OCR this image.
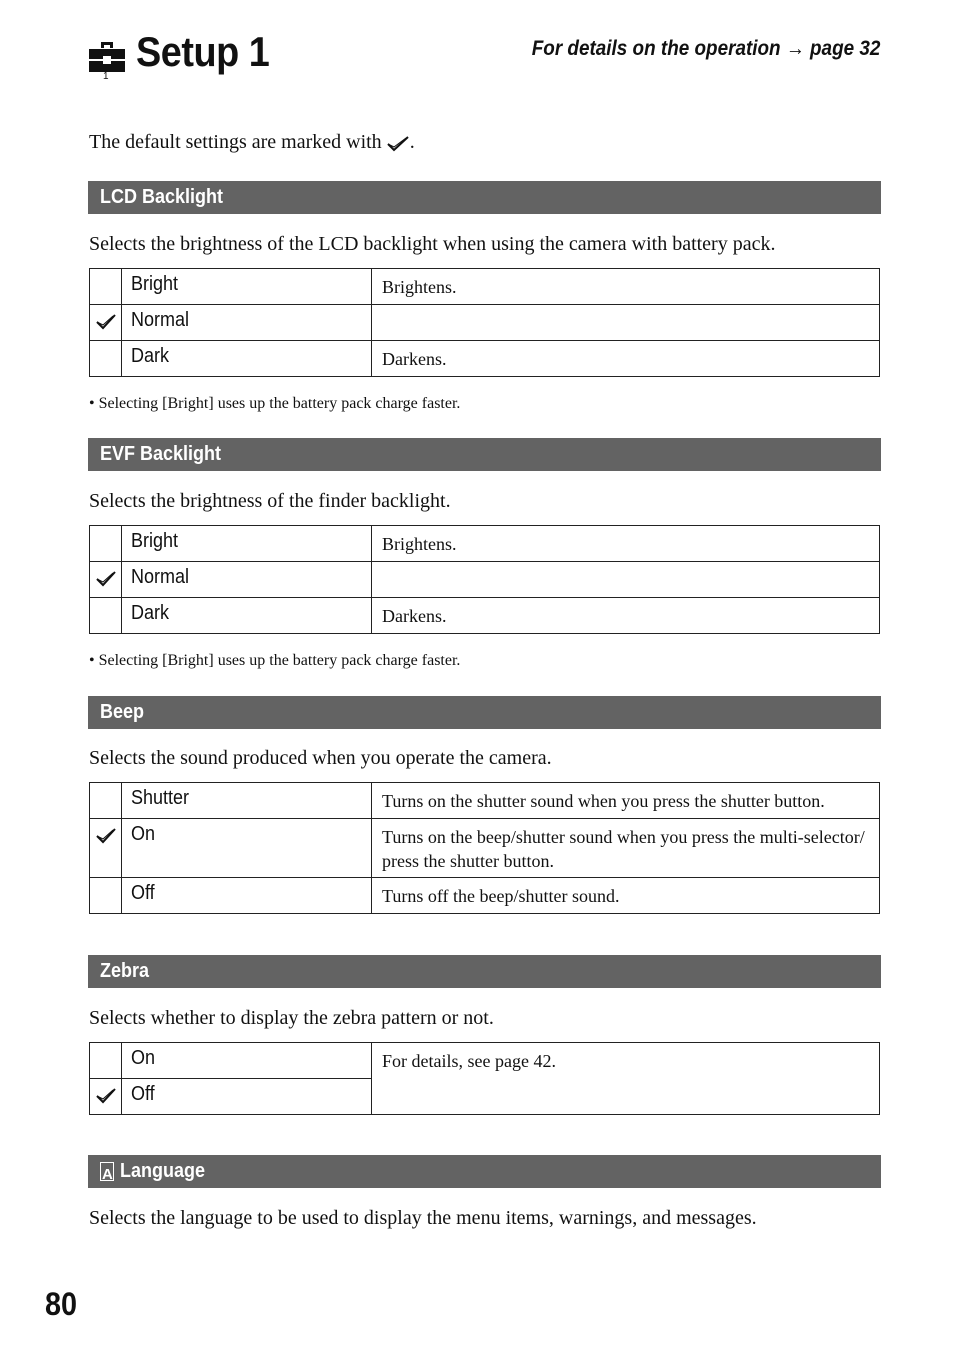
1
Setup 1	For details on the operation → page 32
The default settings are marked with .
LCD Backlight
Selects the brightness of the LCD backlight when using the camera with battery pack.
	Bright	Brightens.
	Normal	
	Dark	Darkens.
• Selecting [Bright] uses up the battery pack charge faster.
EVF Backlight
Selects the brightness of the finder backlight.
	Bright	Brightens.
	Normal	
	Dark	Darkens.
• Selecting [Bright] uses up the battery pack charge faster.
Beep
Selects the sound produced when you operate the camera.
	Shutter	Turns on the shutter sound when you press the shutter button.
	On	Turns on the beep/shutter sound when you press the multi-selector/ press the shutter button.
	Off	Turns off the beep/shutter sound.
Zebra
Selects whether to display the zebra pattern or not.
	On	For details, see page 42.
	Off	
A Language
Selects the language to be used to display the menu items, warnings, and messages.
80
